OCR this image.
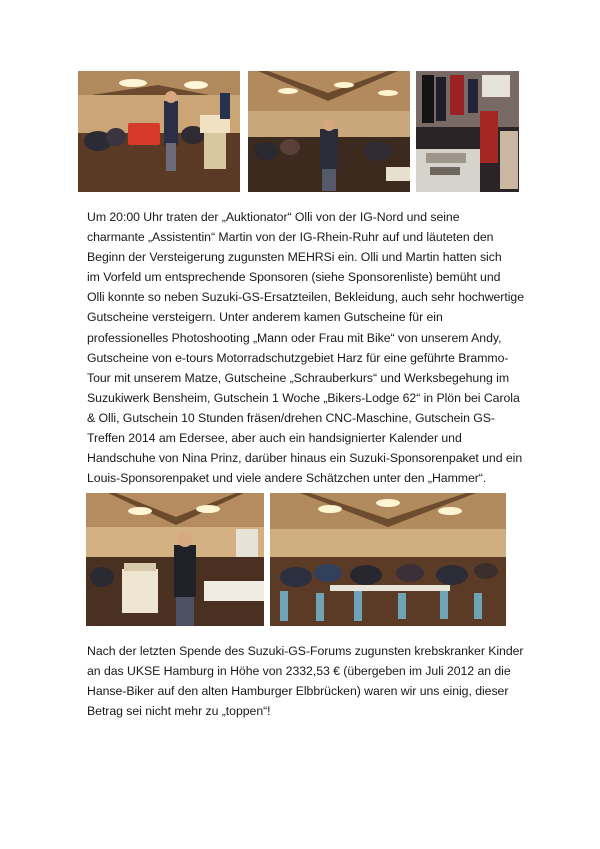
Um 20:00 Uhr traten der „Auktionator“ Olli von der IG-Nord und seine
charmante „Assistentin“ Martin von der IG-Rhein-Ruhr auf und läuteten den
Beginn der Versteigerung zugunsten MEHRSi ein. Olli und Martin hatten sich
im Vorfeld um entsprechende Sponsoren (siehe Sponsorenliste) bemüht und
Olli konnte so neben Suzuki-GS-Ersatzteilen, Bekleidung, auch sehr hochwertige
Gutscheine versteigern. Unter anderem kamen Gutscheine für ein
professionelles Photoshooting „Mann oder Frau mit Bike“ von unserem Andy,
Gutscheine von e-tours Motorradschutzgebiet Harz für eine geführte Brammo-
Tour mit unserem Matze, Gutscheine „Schrauberkurs“ und Werksbegehung im
Suzukiwerk Bensheim, Gutschein 1 Woche „Bikers-Lodge 62“ in Plön bei Carola
& Olli, Gutschein 10 Stunden fräsen/drehen CNC-Maschine, Gutschein GS-
Treffen 2014 am Edersee, aber auch ein handsignierter Kalender und
Handschuhe von Nina Prinz, darüber hinaus ein Suzuki-Sponsorenpaket und ein
Louis-Sponsorenpaket und viele andere Schätzchen unter den „Hammer“.

Nach der letzten Spende des Suzuki-GS-Forums zugunsten krebskranker Kinder
an das UKSE Hamburg in Höhe von 2332,53 € (übergeben im Juli 2012 an die
Hanse-Biker auf den alten Hamburger Elbbrücken) waren wir uns einig, dieser
Betrag sei nicht mehr zu „toppen“!
